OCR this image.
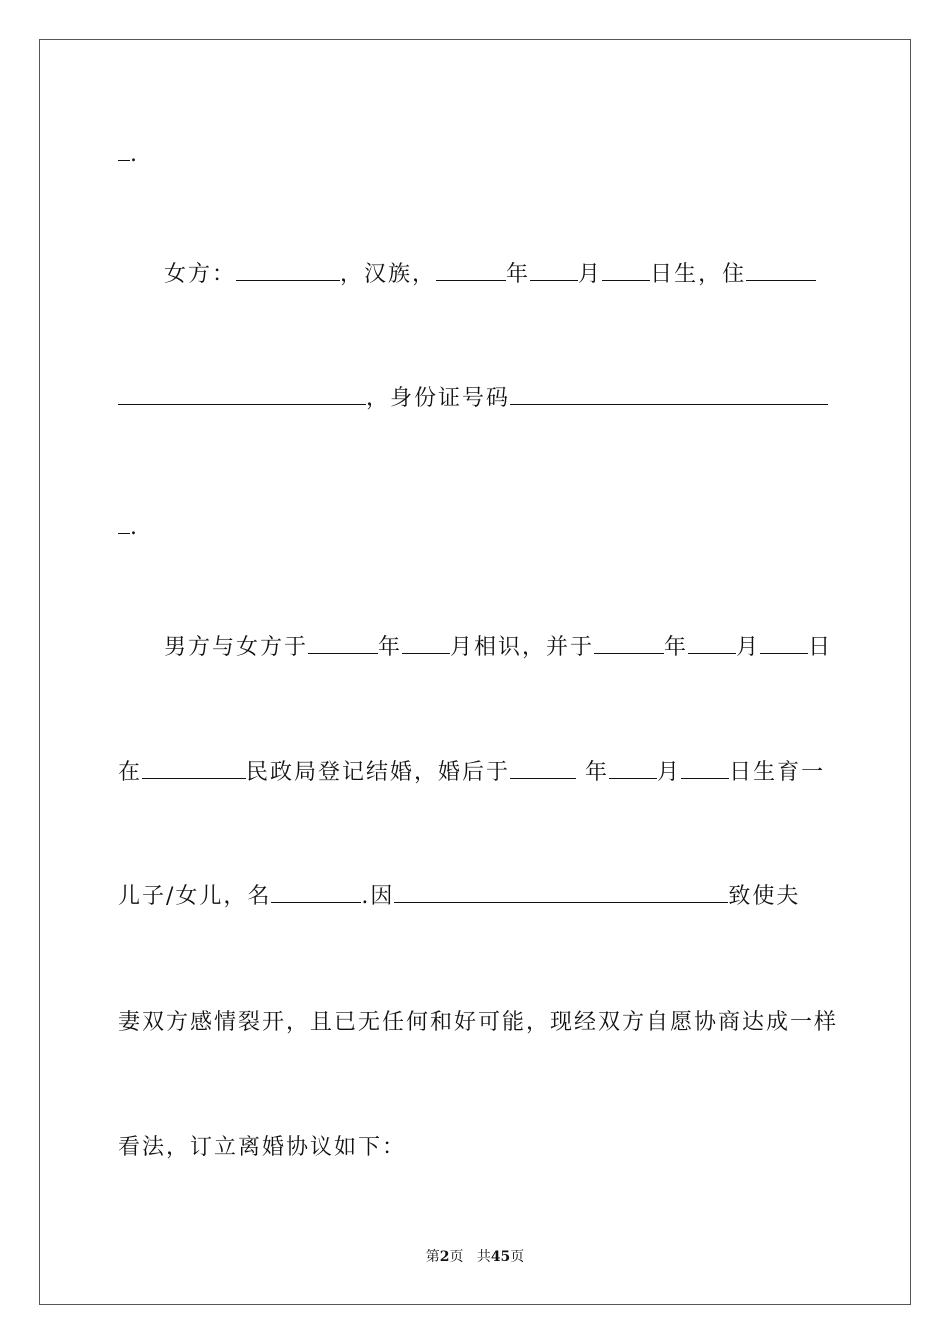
.
女方：	，汉族，	年 月 日生，住
，身份证号码
.
男方与女方于	年 月相识，并于	年 月 日
在	民政局登记结婚，婚后于	年 月 日生育一
儿子/女儿，名	.因	致使夫
妻双方感情裂开，且已无任何和好可能，现经双方自愿协商达成一样
看法，订立离婚协议如下：
第2页 共45页
